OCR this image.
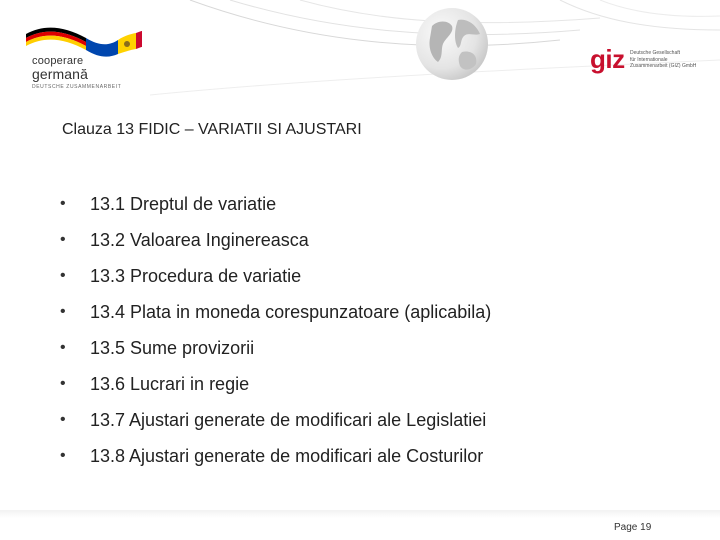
cooperare
germană
DEUTSCHE ZUSAMMENARBEIT
giz Deutsche Gesellschaft
für Internationale
Zusammenarbeit (GIZ) GmbH
Clauza 13 FIDIC – VARIATII SI AJUSTARI
• 13.1 Dreptul de variatie
• 13.2 Valoarea Inginereasca
• 13.3 Procedura de variatie
• 13.4 Plata in moneda corespunzatoare (aplicabila)
• 13.5 Sume provizorii
• 13.6 Lucrari in regie
• 13.7 Ajustari generate de modificari ale Legislatiei
• 13.8 Ajustari generate de modificari ale Costurilor
Page 19
